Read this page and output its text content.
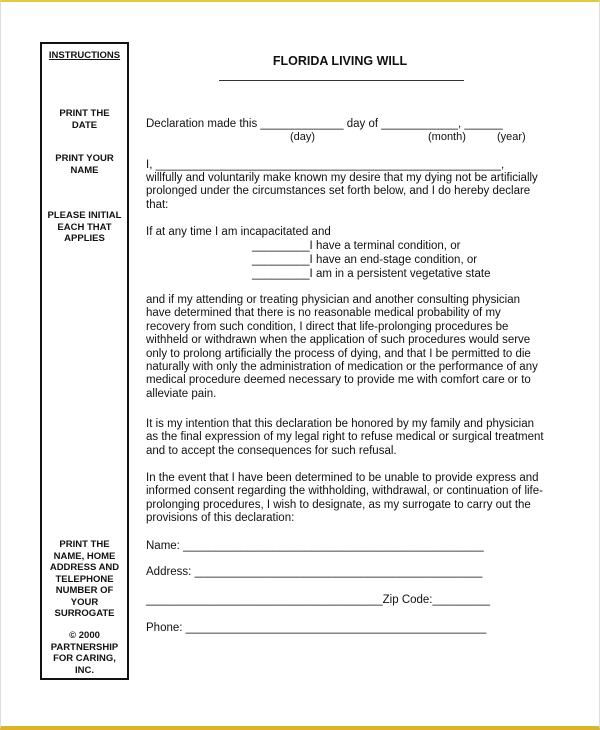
INSTRUCTIONS
PRINT THE
DATE
PRINT YOUR
NAME
PLEASE INITIAL
EACH THAT
APPLIES
PRINT THE
NAME, HOME
ADDRESS AND
TELEPHONE
NUMBER OF
YOUR
SURROGATE
© 2000
PARTNERSHIP
FOR CARING,
INC.
FLORIDA LIVING WILL
Declaration made this _____________ day of ____________, ______
(day)	(month)	(year)
I, ______________________________________________________,
willfully and voluntarily make known my desire that my dying not be artificially prolonged under the circumstances set forth below, and I do hereby declare that:
If at any time I am incapacitated and
_________I have a terminal condition, or
_________I have an end-stage condition, or
_________I am in a persistent vegetative state
and if my attending or treating physician and another consulting physician have determined that there is no reasonable medical probability of my recovery from such condition, I direct that life-prolonging procedures be withheld or withdrawn when the application of such procedures would serve only to prolong artificially the process of dying, and that I be permitted to die naturally with only the administration of medication or the performance of any medical procedure deemed necessary to provide me with comfort care or to alleviate pain.
It is my intention that this declaration be honored by my family and physician as the final expression of my legal right to refuse medical or surgical treatment and to accept the consequences for such refusal.
In the event that I have been determined to be unable to provide express and informed consent regarding the withholding, withdrawal, or continuation of life-prolonging procedures, I wish to designate, as my surrogate to carry out the provisions of this declaration:
Name: _______________________________________________
Address: _____________________________________________
_____________________________________Zip Code:_________
Phone: _______________________________________________
